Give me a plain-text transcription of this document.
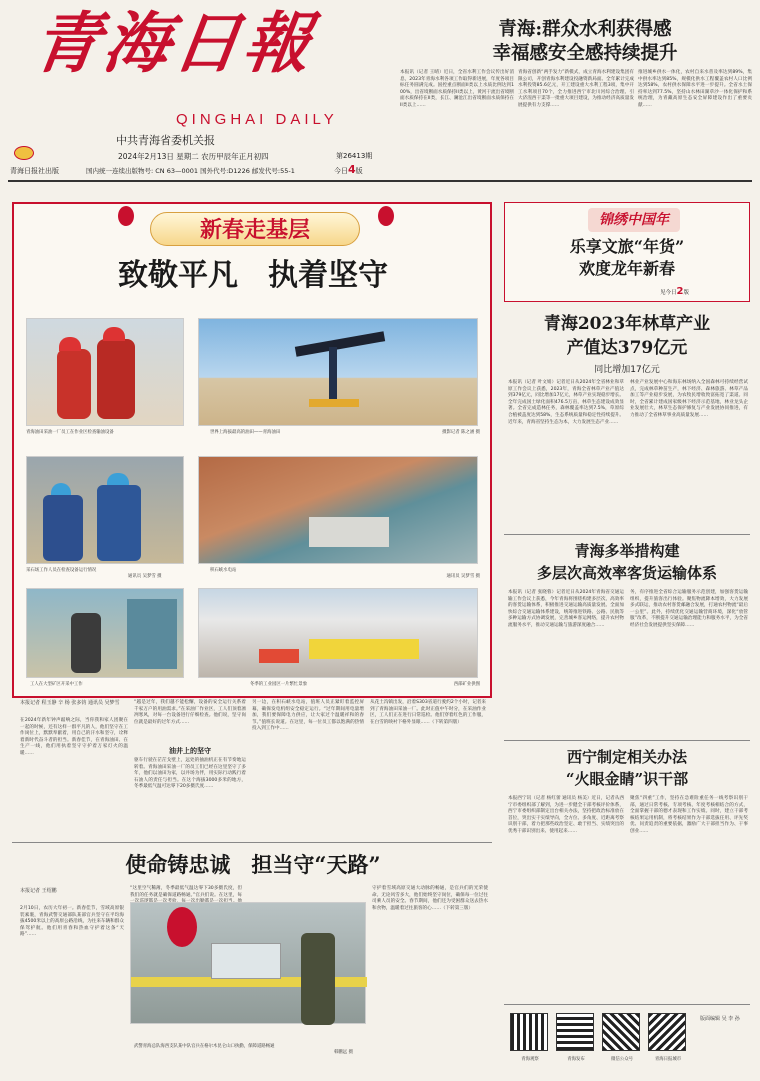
青海日報
QINGHAI DAILY
中共青海省委机关报
青海日报社出版
2024年2月13日 星期二 农历甲辰年正月初四	第26413期
国内统一连续出版物号: CN 63—0001 国外代号:D1226 邮发代号:55-1	今日4版
青海:群众水利获得感
幸福感安全感持续提升
本报讯（记者 王晴）近日，全省水利工作会议传出好消息，2023年青海水利各项工作取得新进展，年度各项目标任务圆满完成。国控重点断面II类以上水质比例达到100%，出省境断面水质保持II类以上，黄河干流出省境断面水质保持在II类，长江、澜沧江出省境断面水质保持在II类以上……
青海省创新“两手发力”新模式，成立青海水利建设集团有限公司，开创青海水利建设投融资新局面。全年累计完成水利投资85.6亿元，开工建设重大水利工程3项，集中开工水利项目70个，全力推进西宁市北川河综合治理、引大济湟西干渠等一批重大项目建设，为推动经济高质量发展提供有力支撑……
推进城乡供水一体化，农村自来水普及率达到89%，集中供水率达到85%，规模化供水工程覆盖农村人口比例达到58%，农村供水保障水平进一步提升。全省水土保持率达到77.5%，坚持山水林田湖草沙一体化保护和系统治理，为青藏高原生态安全屏障建设作出了重要贡献……
新春走基层
致敬平凡　执着坚守
青海油田采油一厂员工在作业区检查输油设备	世界上海拔最高的油田——青海油田	摄影记者 陈之涵 摄
采石场工作人员在检查设备运行情况
通讯员 吴梦雪 摄
积石峡水电站
通讯员 吴梦雪 摄
工人在大型矿区开采中工作	冬季的工业园区一片繁忙景象	西部矿业供图
本报记者 程玉静 辛 杨 张多钧 通讯员 吴梦雪
在2024年新年钟声敲响之际，当你我和家人团聚在一起的时候，还有这样一群平凡的人，他们坚守在工作岗位上，默默奉献着，用自己的汗水和坚守，诠释着新时代奋斗者的担当。新春佳节，在青海油田、在生产一线，他们用执着坚守守护着万家灯火的温暖……
“越是过年，我们越不能松懈，设备的安全运行关系着千家万户的用油需求。”在采油厂作业区，工人们顶着凛冽寒风，对每一台设备进行仔细检查。他们说，坚守岗位就是最好的过年方式……
油井上的坚守
驱车行驶在茫茫戈壁上，远处的抽油机正在有节奏地运转着。青海油田采油一厂的员工们已经在这里坚守了多年，他们以油田为家，以井场为伴，用实际行动践行着石油人的责任与担当。在这个海拔3000多米的地方，冬季最低气温可达零下20多摄氏度……
另一边，在积石峡水电站，值班人员正紧盯着监控屏幕，确保发电机组安全稳定运行。“过年期间用电量增加，我们要保障电力供应，让大家过个温暖祥和的春节。”值班长说道。在这里，每一位员工都以饱满的热情投入到工作中……
从花土沟镇出发，沿着S303省道行驶约2个小时，记者来到了青海油田采油一厂。此时正值中午时分，在采油作业区，工人们正在进行日常巡检。他们穿着红色的工作服，在白雪的映衬下格外显眼……（下转第四版）
使命铸忠诚　担当守“天路”
本报记者 王绍鹏
2月10日，农历大年初一。新春佳节，雪域高原银装素裹，青海武警交通部队某部官兵坚守在平均海拔4500米以上的高原公路沿线，为往来车辆和群众保驾护航。他们用青春和热血守护着这条“天路”……
“这里空气稀薄，冬季最低气温达零下30多摄氏度，但我们的任务就是确保道路畅通。”官兵们说。在这里，每
武警青海总队海西支队某中队官兵在格尔木昆仑山口执勤，保障道路畅通
韩鹏远 摄
守护着雪域高原交通大动脉的畅通，是官兵们的光荣使命。无论风雪多大，他们始终坚守岗位，确保每一位过往司乘人员的安全。春节期间，他们还为受困群众送去热水和食物，温暖着过往旅客的心……（下转第三版）
锦绣中国年
乐享文旅“年货”
欢度龙年新春
见今日2版
青海2023年林草产业
产值达379亿元
同比增加17亿元
本报讯（记者 叶文娟）记者近日从2024年全省林业和草原工作会议上获悉，2023年，青海全省林草产业产值达到379亿元，同比增加17亿元，林草产业实现稳步增长。全年完成国土绿化面积476.5万亩，林草生态建设成效显著。全省完成造林任务，森林覆盖率达到7.5%，草原综合植被盖度达到58%，生态系统质量和稳定性持续提升。近年来，青海省坚持生态为本，大力发展生态产业……
林业产业发展中心和海东林场纳入全国森林可持续经营试点，完成林草种苗生产，林下经济、森林旅游、林草产品加工等产业稳步发展，为农牧民增收致富拓宽了渠道。同时，全省累计建成国家级林下经济示范基地，林业龙头企业发展壮大，林草生态保护修复与产业发展协同推进，有力推动了全省林草事业高质量发展……
青海多举措构建
多层次高效率客货运输体系
本报讯（记者 张晓蓉）记者近日从2024年青海省交通运输工作会议上获悉，今年青海将围绕构建多层次、高效率的客货运输体系，积极推进交通运输高质量发展。全面加快综合交通运输体系建设，统筹推进铁路、公路、民航等多种运输方式协调发展，完善城乡客运网络，提升农村物流服务水平，推动交通运输与旅游深度融合……
务，有序推进全省综合运输服务示范创建，加强客货运输组织，提升旅客出行体验。聚焦物流降本增效，大力发展多式联运，推动农村客货邮融合发展，打通农村物流“最后一公里”。此外，持续优化交通运输营商环境，深化“放管服”改革，不断提升交通运输治理能力和服务水平，为全省经济社会发展提供坚实保障……
西宁制定相关办法
“火眼金睛”识干部
本报西宁讯（记者 杨红蕾 通讯员 杨美）近日，记者从西宁市委组织部了解到，为进一步健全干部考核评价体系，西宁市委组织部制定出台相关办法，坚持把政治标准放在首位，突出实干实绩导向，全方位、多角度、近距离考察识别干部，着力把那些政治坚定、敢于担当、实绩突出的优秀干部识别出来、使用起来……
聚焦“四重”工作，坚持在急难险重任务一线考察识别干部，通过日常考核、专项考核、年度考核相结合的方式，全面掌握干部的德才表现和工作实绩。同时，建立干部考核结果运用机制，将考核结果作为干部选拔任用、评先奖优、问责追责的重要依据，激励广大干部担当作为、干事创业……
青海观察	青海发布	微信公众号	青海日报城市
版面编辑 吴 李 孙
